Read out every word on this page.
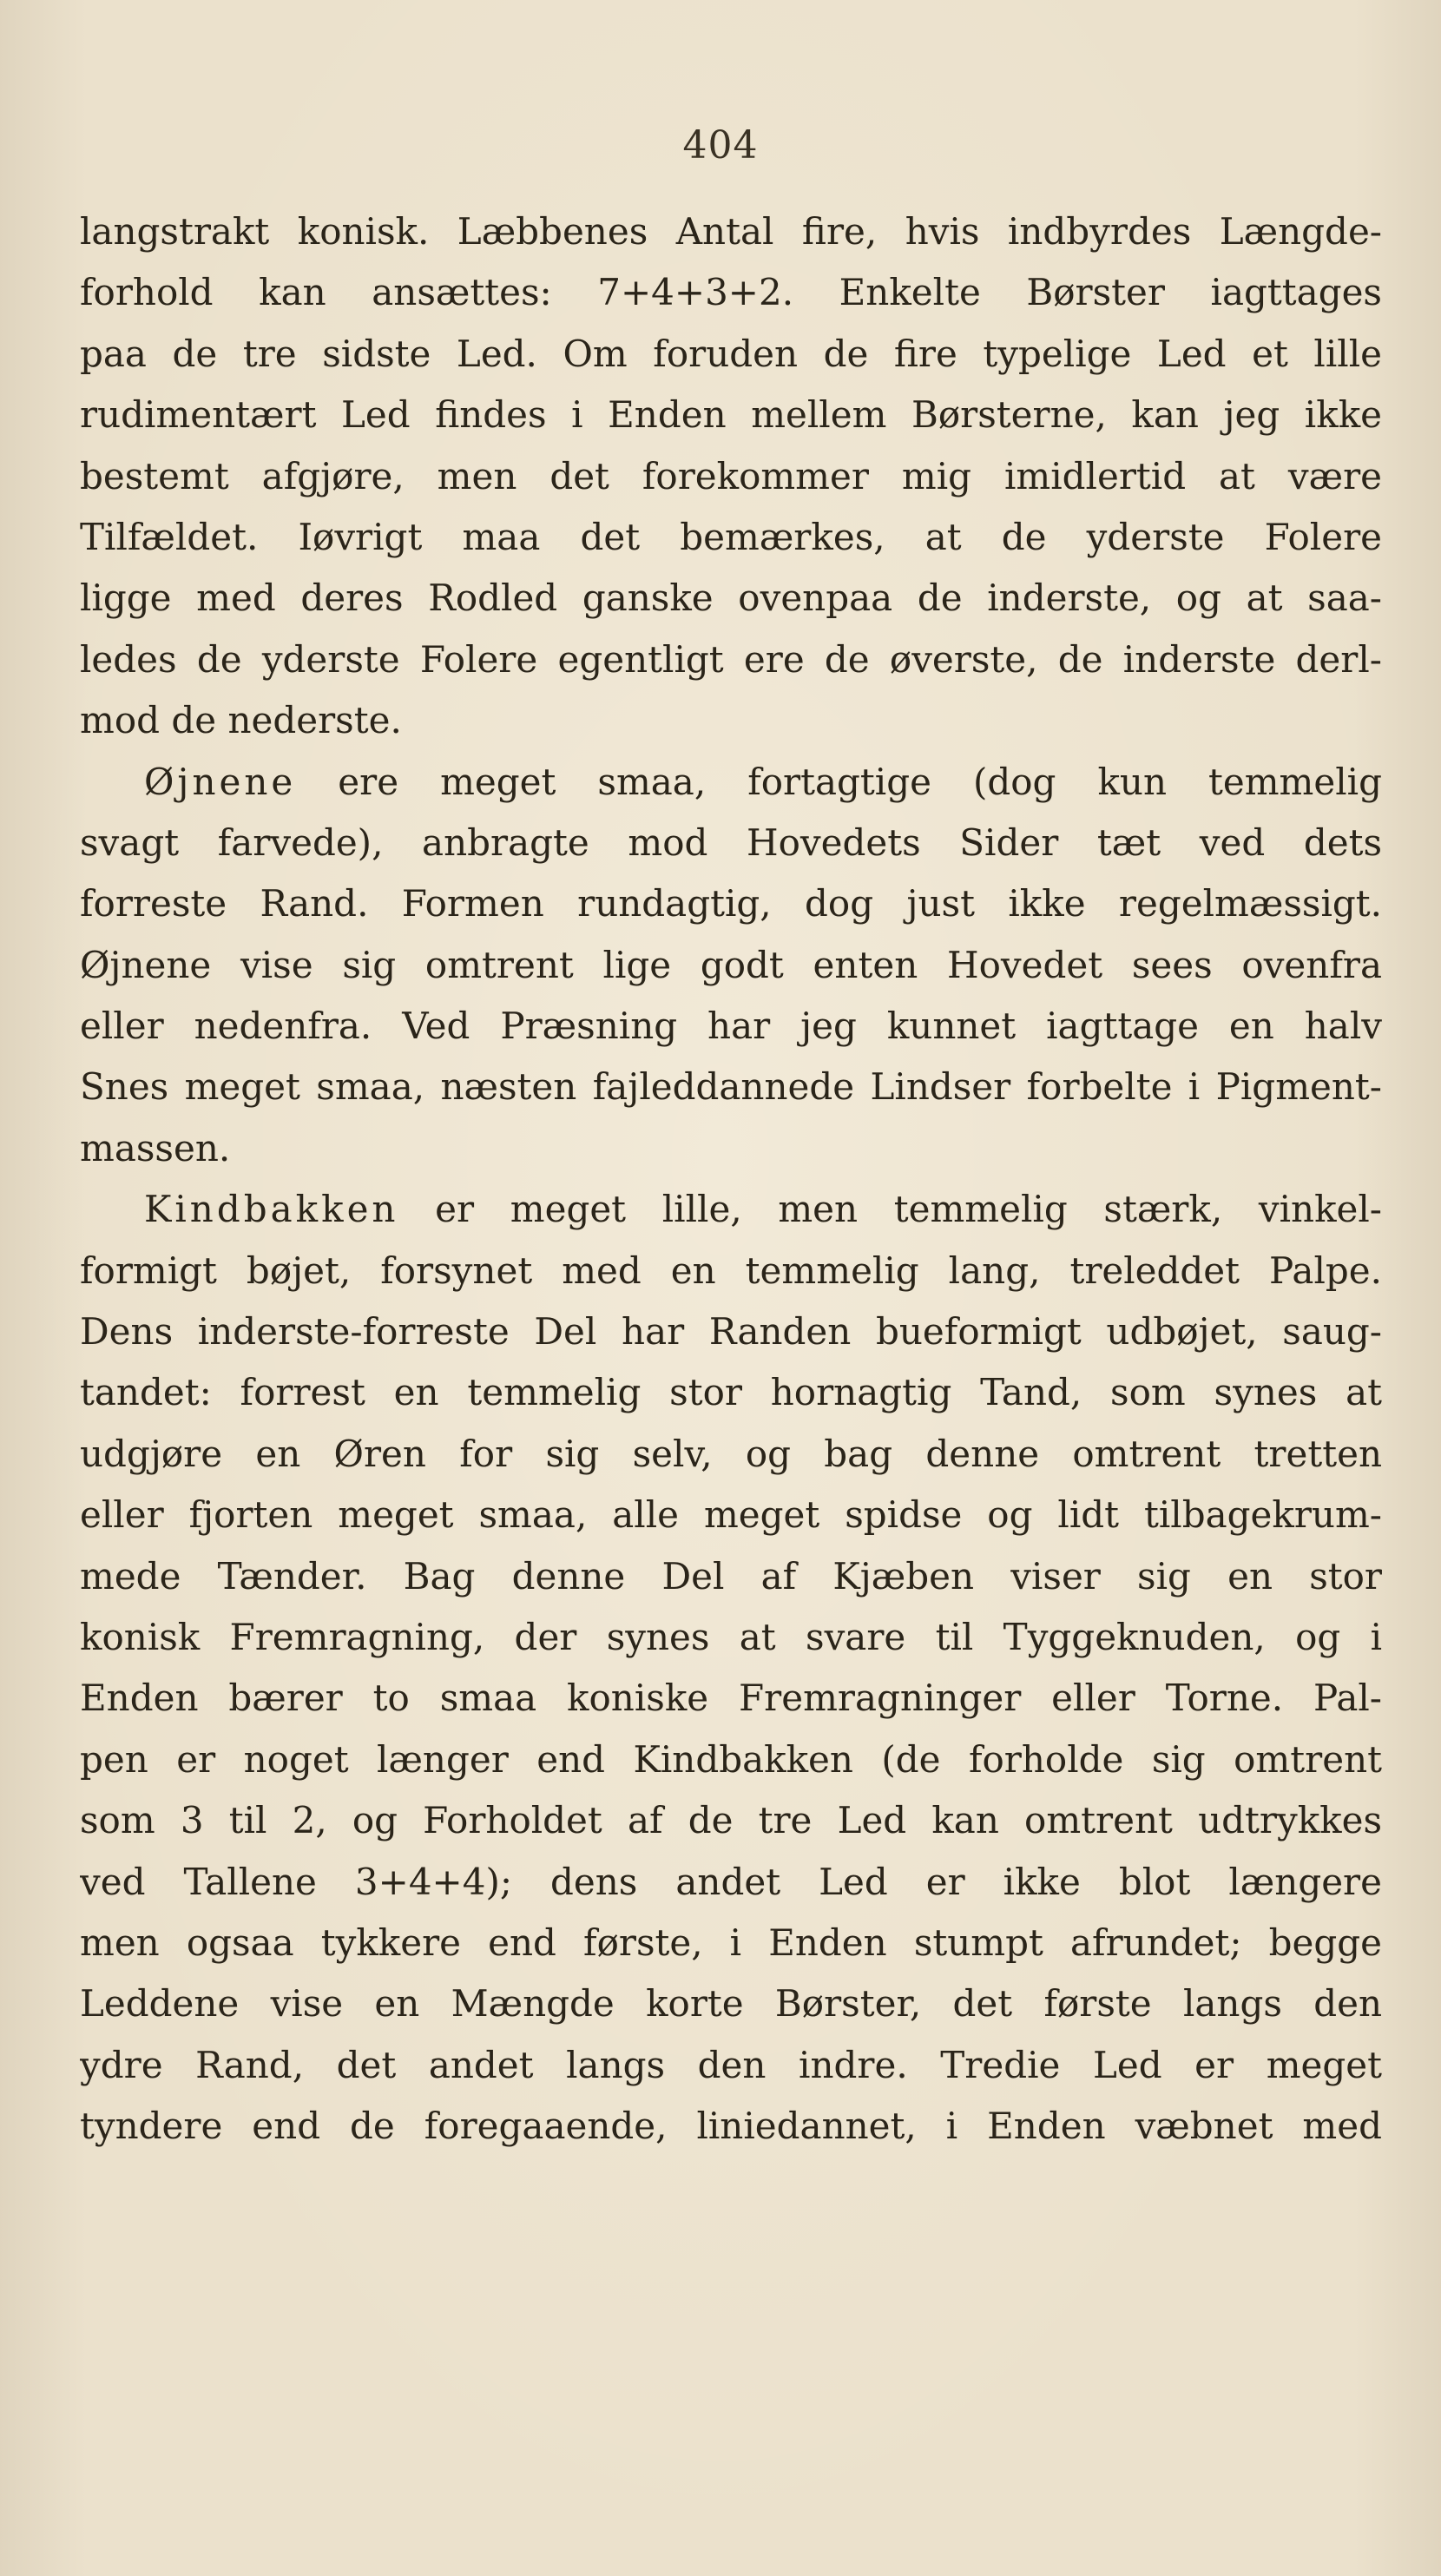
404
langstrakt konisk. Læbbenes Antal fire, hvis indbyrdes Længde-
forhold kan ansættes: 7+4+3+2. Enkelte Børster iagttages
paa de tre sidste Led. Om foruden de fire typelige Led et lille
rudimentært Led findes i Enden mellem Børsterne, kan jeg ikke
bestemt afgjøre, men det forekommer mig imidlertid at være
Tilfældet. Iøvrigt maa det bemærkes, at de yderste Folere
ligge med deres Rodled ganske ovenpaa de inderste, og at saa-
ledes de yderste Folere egentligt ere de øverste, de inderste derl-
mod de nederste.
Øjnene ere meget smaa, fortagtige (dog kun temmelig
svagt farvede), anbragte mod Hovedets Sider tæt ved dets
forreste Rand. Formen rundagtig, dog just ikke regelmæssigt.
Øjnene vise sig omtrent lige godt enten Hovedet sees ovenfra
eller nedenfra. Ved Præsning har jeg kunnet iagttage en halv
Snes meget smaa, næsten fajleddannede Lindser forbelte i Pigment-
massen.
Kindbakken er meget lille, men temmelig stærk, vinkel-
formigt bøjet, forsynet med en temmelig lang, treleddet Palpe.
Dens inderste-forreste Del har Randen bueformigt udbøjet, saug-
tandet: forrest en temmelig stor hornagtig Tand, som synes at
udgjøre en Øren for sig selv, og bag denne omtrent tretten
eller fjorten meget smaa, alle meget spidse og lidt tilbagekrum-
mede Tænder. Bag denne Del af Kjæben viser sig en stor
konisk Fremragning, der synes at svare til Tyggeknuden, og i
Enden bærer to smaa koniske Fremragninger eller Torne. Pal-
pen er noget længer end Kindbakken (de forholde sig omtrent
som 3 til 2, og Forholdet af de tre Led kan omtrent udtrykkes
ved Tallene 3+4+4); dens andet Led er ikke blot længere
men ogsaa tykkere end første, i Enden stumpt afrundet; begge
Leddene vise en Mængde korte Børster, det første langs den
ydre Rand, det andet langs den indre. Tredie Led er meget
tyndere end de foregaaende, liniedannet, i Enden væbnet med
